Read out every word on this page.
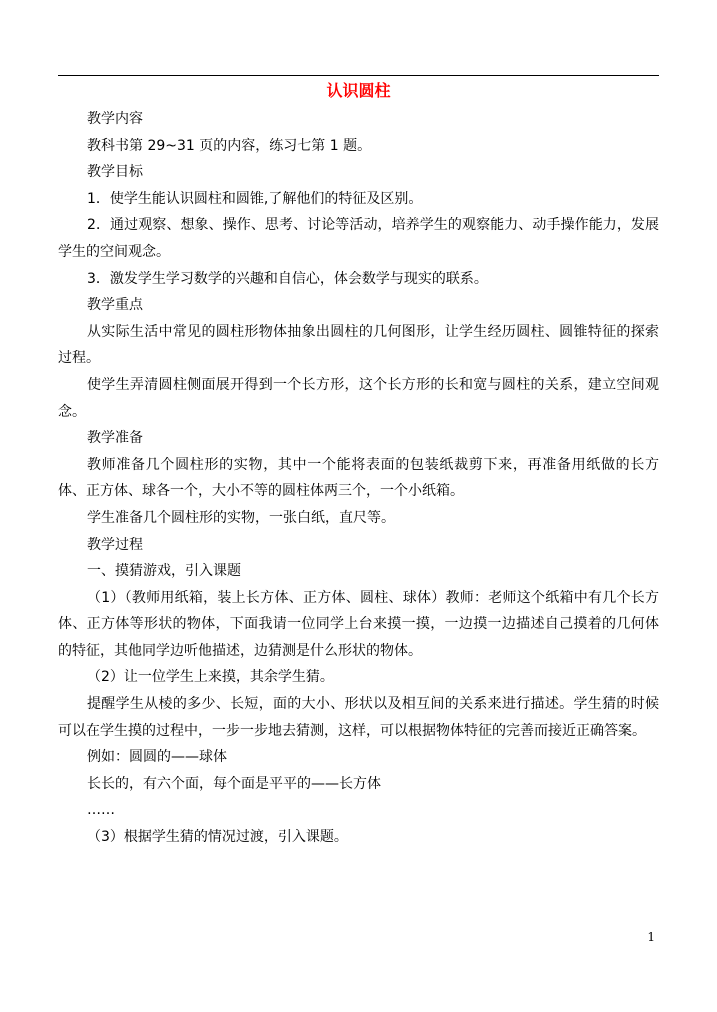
认识圆柱
教学内容
教科书第 29~31 页的内容，练习七第 1 题。
教学目标
1．使学生能认识圆柱和圆锥,了解他们的特征及区别。
2．通过观察、想象、操作、思考、讨论等活动，培养学生的观察能力、动手操作能力，发展学生的空间观念。
3．激发学生学习数学的兴趣和自信心，体会数学与现实的联系。
教学重点
从实际生活中常见的圆柱形物体抽象出圆柱的几何图形，让学生经历圆柱、圆锥特征的探索过程。
使学生弄清圆柱侧面展开得到一个长方形，这个长方形的长和宽与圆柱的关系，建立空间观念。
教学准备
教师准备几个圆柱形的实物，其中一个能将表面的包装纸裁剪下来，再准备用纸做的长方体、正方体、球各一个，大小不等的圆柱体两三个，一个小纸箱。
学生准备几个圆柱形的实物，一张白纸，直尺等。
教学过程
一、摸猜游戏，引入课题
（1）（教师用纸箱，装上长方体、正方体、圆柱、球体）教师：老师这个纸箱中有几个长方体、正方体等形状的物体，下面我请一位同学上台来摸一摸，一边摸一边描述自己摸着的几何体的特征，其他同学边听他描述，边猜测是什么形状的物体。
（2）让一位学生上来摸，其余学生猜。
提醒学生从棱的多少、长短，面的大小、形状以及相互间的关系来进行描述。学生猜的时候可以在学生摸的过程中，一步一步地去猜测，这样，可以根据物体特征的完善而接近正确答案。
例如：圆圆的——球体
长长的，有六个面，每个面是平平的——长方体
……
（3）根据学生猜的情况过渡，引入课题。
1
